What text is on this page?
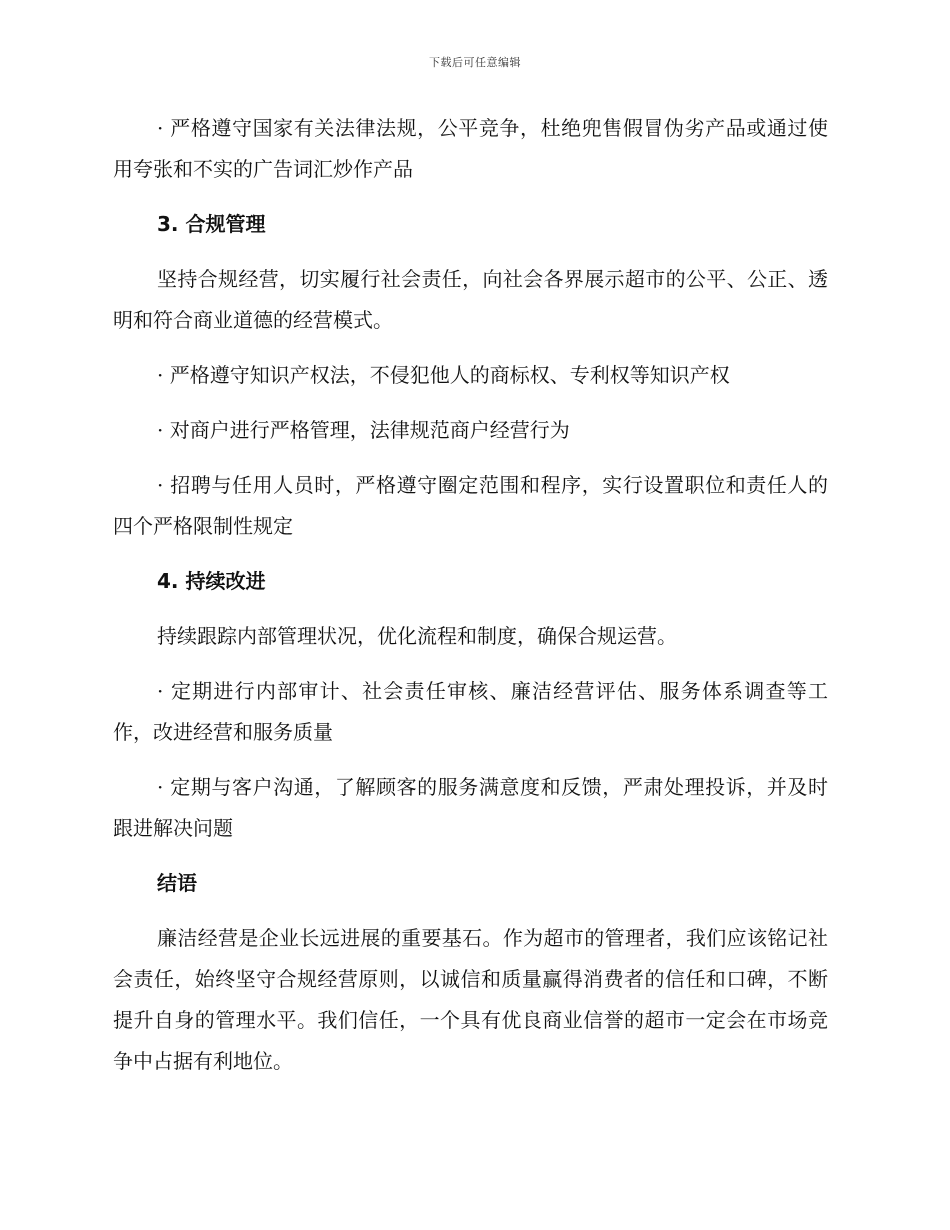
下载后可任意编辑

· 严格遵守国家有关法律法规，公平竞争，杜绝兜售假冒伪劣产品或通过使用夸张和不实的广告词汇炒作产品

3. 合规管理

坚持合规经营，切实履行社会责任，向社会各界展示超市的公平、公正、透明和符合商业道德的经营模式。

· 严格遵守知识产权法，不侵犯他人的商标权、专利权等知识产权

· 对商户进行严格管理，法律规范商户经营行为

· 招聘与任用人员时，严格遵守圈定范围和程序，实行设置职位和责任人的四个严格限制性规定

4. 持续改进

持续跟踪内部管理状况，优化流程和制度，确保合规运营。

· 定期进行内部审计、社会责任审核、廉洁经营评估、服务体系调查等工作，改进经营和服务质量

· 定期与客户沟通，了解顾客的服务满意度和反馈，严肃处理投诉，并及时跟进解决问题

结语

廉洁经营是企业长远进展的重要基石。作为超市的管理者，我们应该铭记社会责任，始终坚守合规经营原则，以诚信和质量赢得消费者的信任和口碑，不断提升自身的管理水平。我们信任，一个具有优良商业信誉的超市一定会在市场竞争中占据有利地位。
